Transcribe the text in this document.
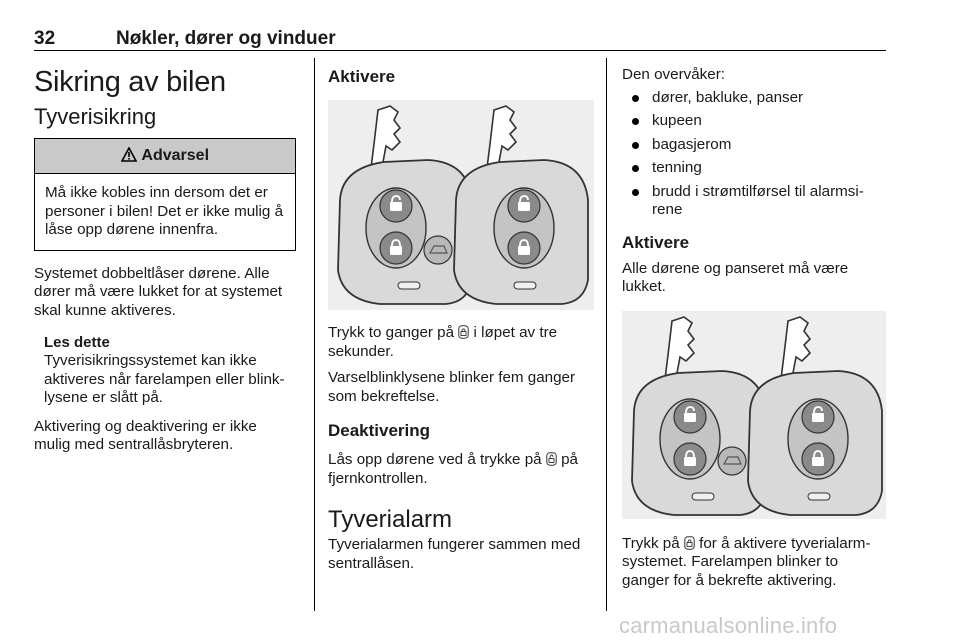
32	Nøkler, dører og vinduer
Sikring av bilen
Tyverisikring
Advarsel
Må ikke kobles inn dersom det er personer i bilen! Det er ikke mulig å låse opp dørene innenfra.

Systemet dobbeltlåser dørene. Alle dører må være lukket for at systemet skal kunne aktiveres.

Les dette

Tyverisikringssystemet kan ikke aktiveres når farelampen eller blink-lysene er slått på.

Aktivering og deaktivering er ikke mulig med sentrallåsbryteren.

Aktivere

Trykk to ganger på i løpet av tre sekunder.

Varselblinklysene blinker fem ganger som bekreftelse.

Deaktivering

Lås opp dørene ved å trykke på på fjernkontrollen.

Tyverialarm

Tyverialarmen fungerer sammen med sentrallåsen.

Den overvåker:

dører, bakluke, panser
kupeen
bagasjerom
tenning
brudd i strømtilførsel til alarmsi-rene
Aktivere

Alle dørene og panseret må være lukket.

Trykk på for å aktivere tyverialarm-systemet. Farelampen blinker to ganger for å bekrefte aktivering.

carmanualsonline.info
